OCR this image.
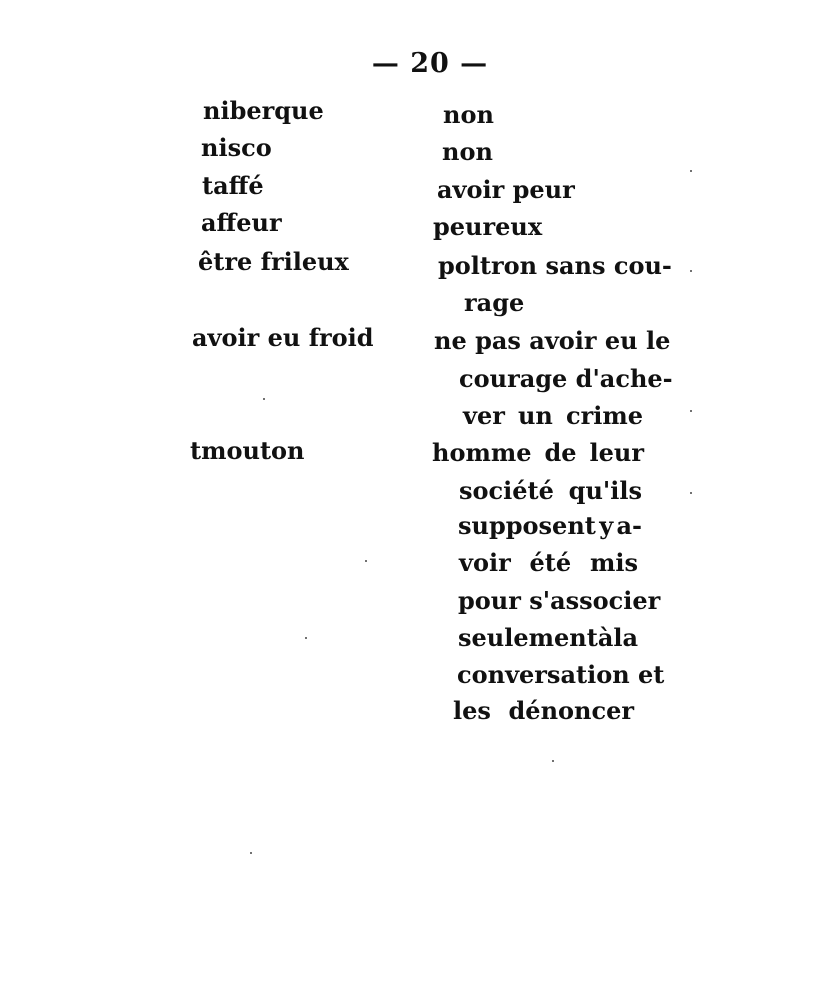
— 20 —
niberque	non
nisco	non
taffé	avoir peur
affeur	peureux
être frileux	poltron sans cou-
rage
avoir eu froid	ne pas avoir eu le
courage d'ache-
ver un crime
tmouton	homme de leur
société qu'ils
supposent y a-
voir été mis
pour s'associer
seulement à la
conversation et
les dénoncer
